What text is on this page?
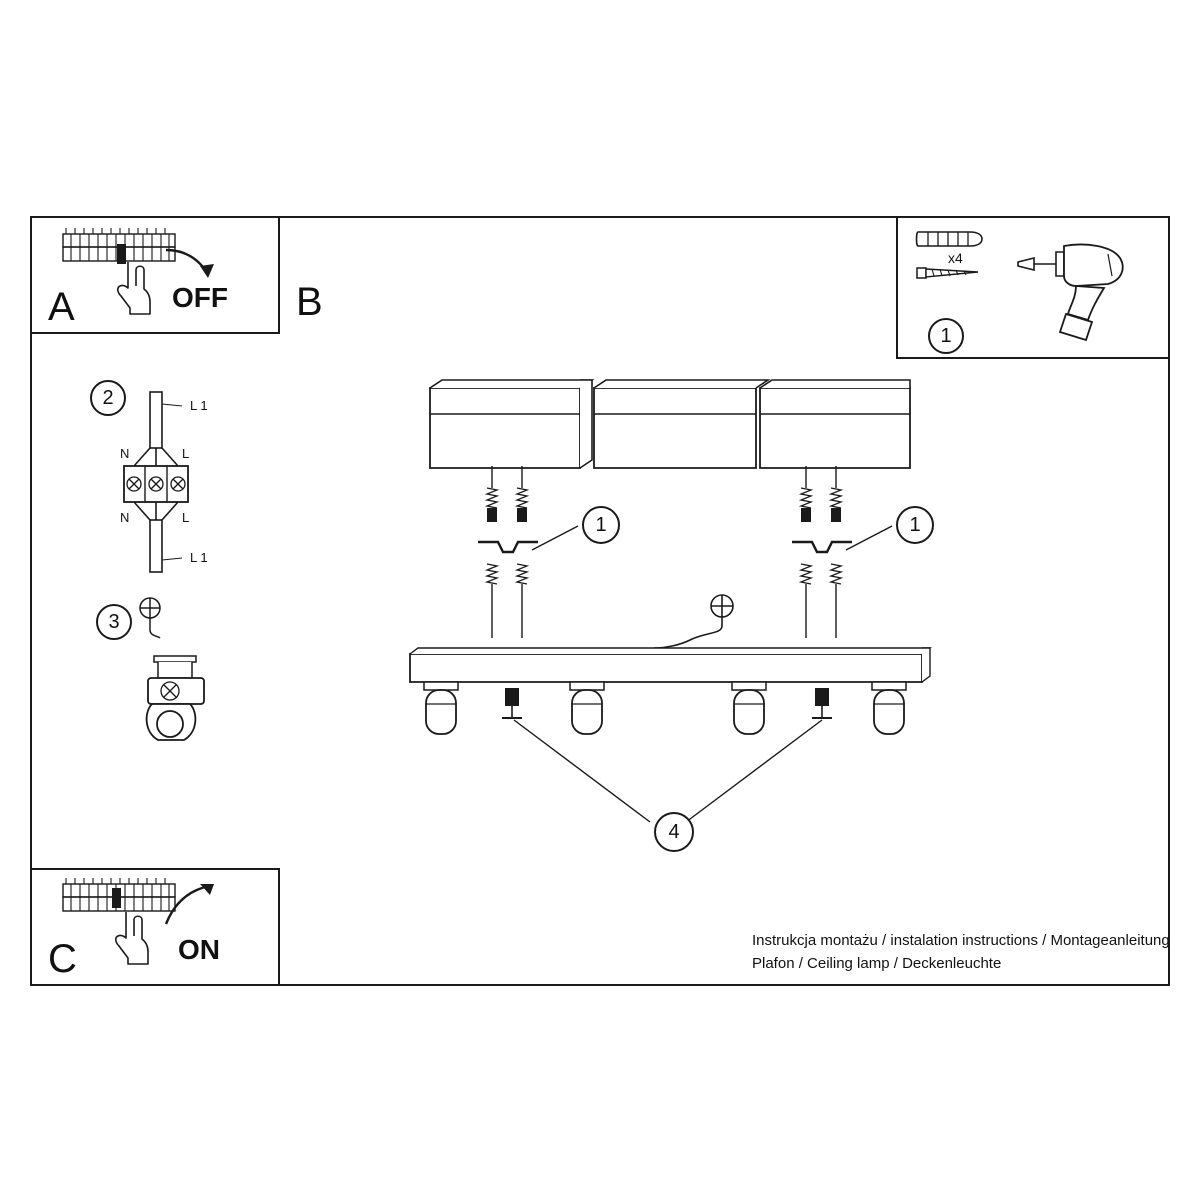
A	OFF B
x4
1
2	L 1
N	L
N	L
L 1
3
C	ON
1	1
4
Instrukcja montażu / instalation instructions / Montageanleitung
Plafon / Ceiling lamp / Deckenleuchte
